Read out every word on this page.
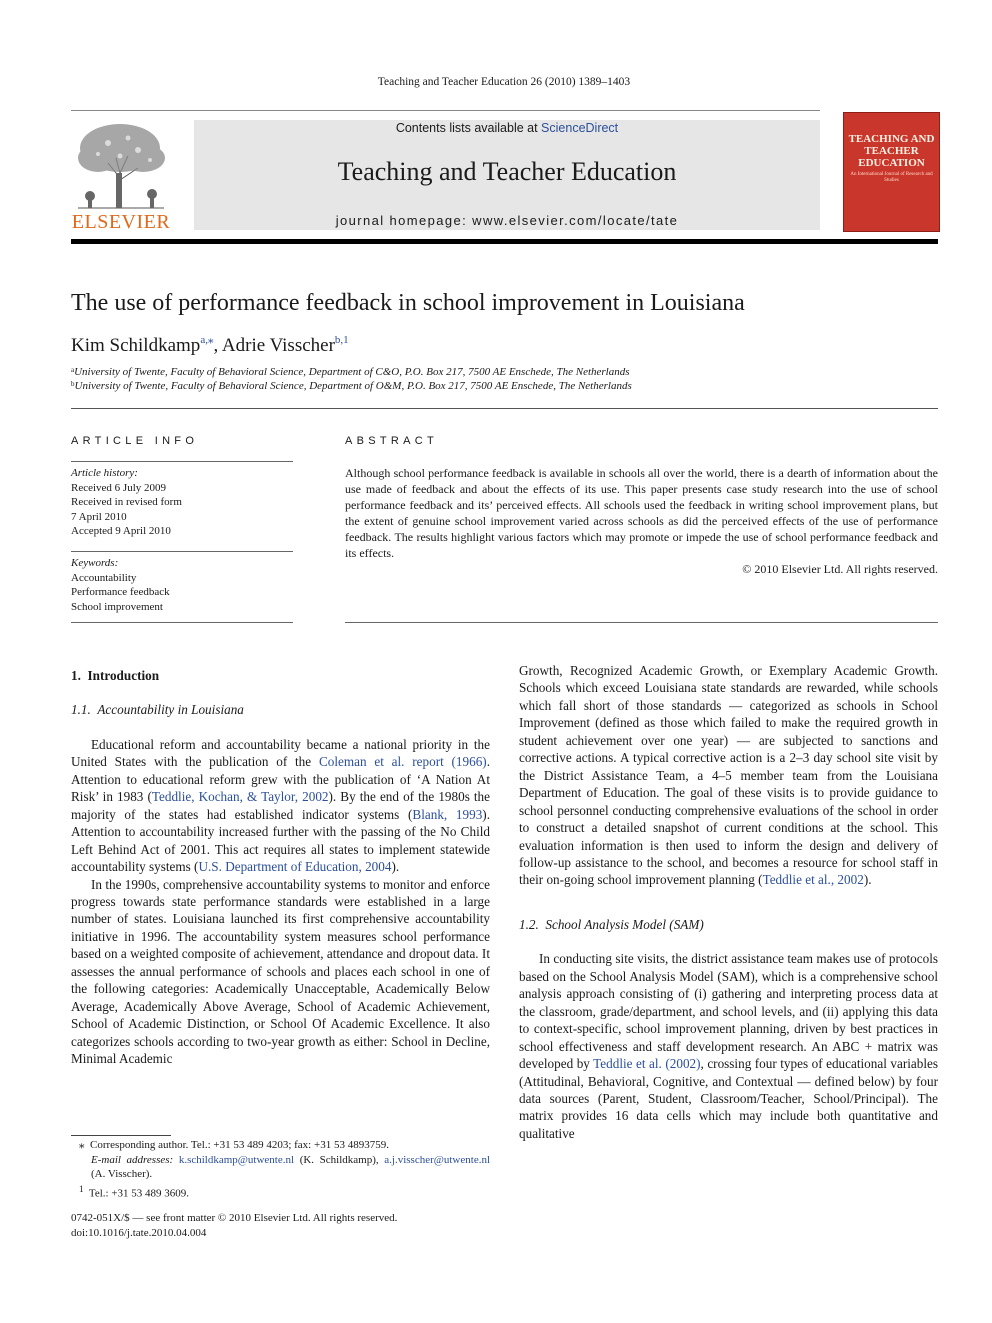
Teaching and Teacher Education 26 (2010) 1389–1403
ELSEVIER
Contents lists available at ScienceDirect
Teaching and Teacher Education
journal homepage: www.elsevier.com/locate/tate
TEACHING AND TEACHER EDUCATION
An International Journal of Research and Studies
The use of performance feedback in school improvement in Louisiana
Kim Schildkamp$^{a,⁎}$, Adrie Visscher$^{b,1}$
$^a$University of Twente, Faculty of Behavioral Science, Department of C&O, P.O. Box 217, 7500 AE Enschede, The Netherlands
$^b$University of Twente, Faculty of Behavioral Science, Department of O&M, P.O. Box 217, 7500 AE Enschede, The Netherlands
ARTICLE INFO
Article history:
Received 6 July 2009
Received in revised form
7 April 2010
Accepted 9 April 2010
Keywords:
Accountability
Performance feedback
School improvement
ABSTRACT
Although school performance feedback is available in schools all over the world, there is a dearth of information about the use made of feedback and about the effects of its use. This paper presents case study research into the use of school performance feedback and its’ perceived effects. All schools used the feedback in writing school improvement plans, but the extent of genuine school improvement varied across schools as did the perceived effects of the use of performance feedback. The results highlight various factors which may promote or impede the use of school performance feedback and its effects.
© 2010 Elsevier Ltd. All rights reserved.

1. Introduction

1.1. Accountability in Louisiana

Educational reform and accountability became a national priority in the United States with the publication of the Coleman et al. report (1966). Attention to educational reform grew with the publication of ‘A Nation At Risk’ in 1983 (Teddlie, Kochan, & Taylor, 2002). By the end of the 1980s the majority of the states had established indicator systems (Blank, 1993). Attention to accountability increased further with the passing of the No Child Left Behind Act of 2001. This act requires all states to implement statewide accountability systems (U.S. Department of Education, 2004).

In the 1990s, comprehensive accountability systems to monitor and enforce progress towards state performance standards were established in a large number of states. Louisiana launched its first comprehensive accountability initiative in 1996. The accountability system measures school performance based on a weighted composite of achievement, attendance and dropout data. It assesses the annual performance of schools and places each school in one of the following categories: Academically Unacceptable, Academically Below Average, Academically Above Average, School of Academic Achievement, School of Academic Distinction, or School Of Academic Excellence. It also categorizes schools according to two-year growth as either: School in Decline, Minimal Academic

Growth, Recognized Academic Growth, or Exemplary Academic Growth. Schools which exceed Louisiana state standards are rewarded, while schools which fall short of those standards — categorized as schools in School Improvement (defined as those which failed to make the required growth in student achievement over one year) — are subjected to sanctions and corrective actions. A typical corrective action is a 2–3 day school site visit by the District Assistance Team, a 4–5 member team from the Louisiana Department of Education. The goal of these visits is to provide guidance to school personnel conducting comprehensive evaluations of the school in order to construct a detailed snapshot of current conditions at the school. This evaluation information is then used to inform the design and delivery of follow-up assistance to the school, and becomes a resource for school staff in their on-going school improvement planning (Teddlie et al., 2002).

1.2. School Analysis Model (SAM)

In conducting site visits, the district assistance team makes use of protocols based on the School Analysis Model (SAM), which is a comprehensive school analysis approach consisting of (i) gathering and interpreting process data at the classroom, grade/department, and school levels, and (ii) applying this data to context-specific, school improvement planning, driven by best practices in school effectiveness and staff development research. An ABC + matrix was developed by Teddlie et al. (2002), crossing four types of educational variables (Attitudinal, Behavioral, Cognitive, and Contextual — defined below) by four data sources (Parent, Student, Classroom/Teacher, School/Principal). The matrix provides 16 data cells which may include both quantitative and qualitative

⁎ Corresponding author. Tel.: +31 53 489 4203; fax: +31 53 4893759.
E-mail addresses: k.schildkamp@utwente.nl (K. Schildkamp), a.j.visscher@utwente.nl (A. Visscher).
$^1$ Tel.: +31 53 489 3609.
0742-051X/$ — see front matter © 2010 Elsevier Ltd. All rights reserved.
doi:10.1016/j.tate.2010.04.004
